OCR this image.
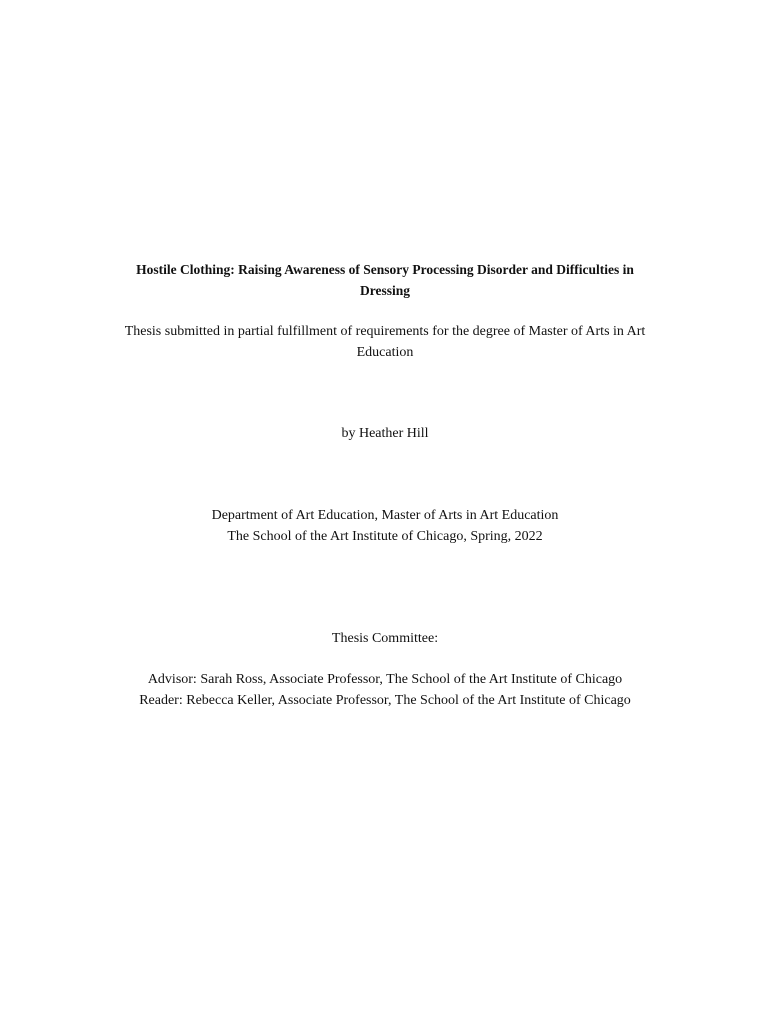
Hostile Clothing: Raising Awareness of Sensory Processing Disorder and Difficulties in
Dressing
Thesis submitted in partial fulfillment of requirements for the degree of Master of Arts in Art
Education
by Heather Hill
Department of Art Education, Master of Arts in Art Education
The School of the Art Institute of Chicago, Spring, 2022
Thesis Committee:
Advisor: Sarah Ross, Associate Professor, The School of the Art Institute of Chicago
Reader: Rebecca Keller, Associate Professor, The School of the Art Institute of Chicago
